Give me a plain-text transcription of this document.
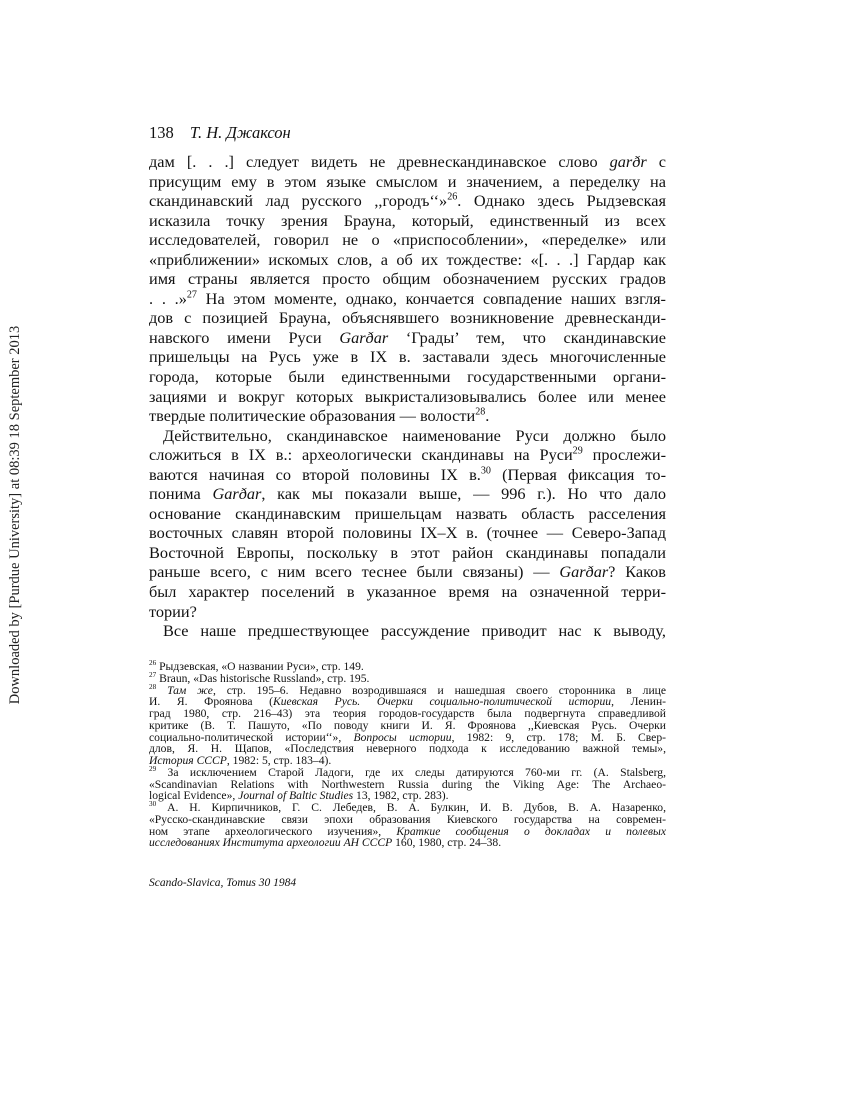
Downloaded by [Purdue University] at 08:39 18 September 2013
138 Т. Н. Джаксон
дам [. . .] следует видеть не древнескандинавское слово garðr с
присущим ему в этом языке смыслом и значением, а переделку на
скандинавский лад русского ,,городъ‘‘»$^{26}$. Однако здесь Рыдзевская
исказила точку зрения Брауна, который, единственный из всех
исследователей, говорил не о «приспособлении», «переделке» или
«приближении» искомых слов, а об их тождестве: «[. . .] Гардар как
имя страны является просто общим обозначением русских градов
. . .»$^{27}$ На этом моменте, однако, кончается совпадение наших взгля-
дов с позицией Брауна, объяснявшего возникновение древнесканди-
навского имени Руси Garðar ‘Грады’ тем, что скандинавские
пришельцы на Русь уже в IX в. заставали здесь многочисленные
города, которые были единственными государственными органи-
зациями и вокруг которых выкристализовывались более или менее
твердые политические образования — волости$^{28}$.
Действительно, скандинавское наименование Руси должно было
сложиться в IX в.: археологически скандинавы на Руси$^{29}$ прослежи-
ваются начиная со второй половины IX в.$^{30}$ (Первая фиксация то-
понима Garðar, как мы показали выше, — 996 г.). Но что дало
основание скандинавским пришельцам назвать область расселения
восточных славян второй половины IX–X в. (точнее — Северо-Запад
Восточной Европы, поскольку в этот район скандинавы попадали
раньше всего, с ним всего теснее были связаны) — Garðar? Каков
был характер поселений в указанное время на означенной терри-
тории?
Все наше предшествующее рассуждение приводит нас к выводу,
$^{26}$ Рыдзевская, «О названии Руси», стр. 149.
$^{27}$ Braun, «Das historische Russland», стр. 195.
$^{28}$ Там же, стр. 195–6. Недавно возродившаяся и нашедшая своего сторонника в лице
И. Я. Фроянова (Киевская Русь. Очерки социально-политической истории, Ленин-
град 1980, стр. 216–43) эта теория городов-государств была подвергнута справедливой
критике (В. Т. Пашуто, «По поводу книги И. Я. Фроянова ,,Киевская Русь. Очерки
социально-политической истории‘‘», Вопросы истории, 1982: 9, стр. 178; М. Б. Свер-
длов, Я. Н. Щапов, «Последствия неверного подхода к исследованию важной темы»,
История СССР, 1982: 5, стр. 183–4).
$^{29}$ За исключением Старой Ладоги, где их следы датируются 760-ми гг. (A. Stalsberg,
«Scandinavian Relations with Northwestern Russia during the Viking Age: The Archaeo-
logical Evidence», Journal of Baltic Studies 13, 1982, стр. 283).
$^{30}$ А. Н. Кирпичников, Г. С. Лебедев, В. А. Булкин, И. В. Дубов, В. А. Назаренко,
«Русско-скандинавские связи эпохи образования Киевского государства на современ-
ном этапе археологического изучения», Краткие сообщения о докладах и полевых
исследованиях Института археологии АН СССР 160, 1980, стр. 24–38.
Scando-Slavica, Tomus 30 1984
